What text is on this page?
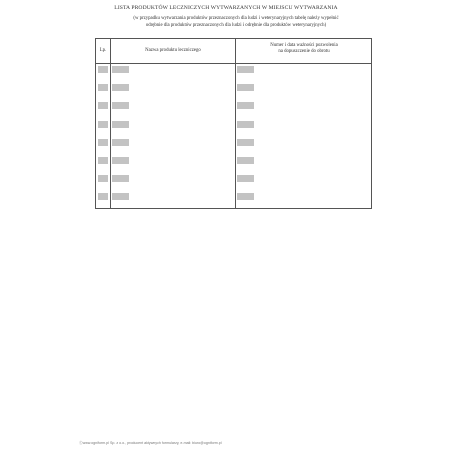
LISTA PRODUKTÓW LECZNICZYCH WYTWARZANYCH W MIEJSCU WYTWARZANIA
(w przypadku wytwarzania produktów przeznaczonych dla ludzi i weterynaryjnych tabelę należy wypełnić
odrębnie dla produktów przeznaczonych dla ludzi i odrębnie dla produktów weterynaryjnych)
Lp.	Nazwa produktu leczniczego
Numer i data ważności pozwolenia
na dopuszczenie do obrotu
Ⓒwww.ogniform.pl Sp. z o.o., producent aktywnych formularzy, e-mail: biuro@ogniform.pl
